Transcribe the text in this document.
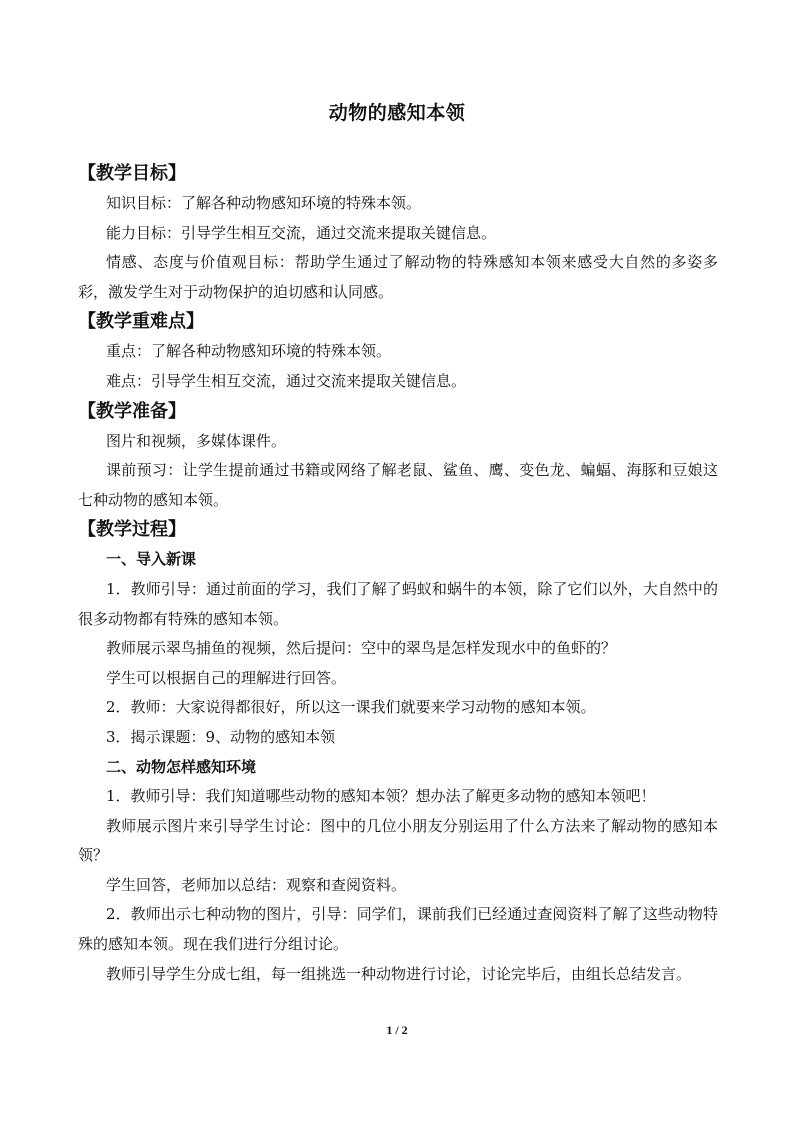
动物的感知本领
【教学目标】

知识目标：了解各种动物感知环境的特殊本领。

能力目标：引导学生相互交流，通过交流来提取关键信息。

情感、态度与价值观目标：帮助学生通过了解动物的特殊感知本领来感受大自然的多姿多彩，激发学生对于动物保护的迫切感和认同感。

【教学重难点】

重点：了解各种动物感知环境的特殊本领。

难点：引导学生相互交流，通过交流来提取关键信息。

【教学准备】

图片和视频，多媒体课件。

课前预习：让学生提前通过书籍或网络了解老鼠、鲨鱼、鹰、变色龙、蝙蝠、海豚和豆娘这七种动物的感知本领。

【教学过程】

一、导入新课

1．教师引导：通过前面的学习，我们了解了蚂蚁和蜗牛的本领，除了它们以外，大自然中的很多动物都有特殊的感知本领。

教师展示翠鸟捕鱼的视频，然后提问：空中的翠鸟是怎样发现水中的鱼虾的？

学生可以根据自己的理解进行回答。

2．教师：大家说得都很好，所以这一课我们就要来学习动物的感知本领。

3．揭示课题：9、动物的感知本领

二、动物怎样感知环境

1．教师引导：我们知道哪些动物的感知本领？想办法了解更多动物的感知本领吧！

教师展示图片来引导学生讨论：图中的几位小朋友分别运用了什么方法来了解动物的感知本领？

学生回答，老师加以总结：观察和查阅资料。

2．教师出示七种动物的图片，引导：同学们，课前我们已经通过查阅资料了解了这些动物特殊的感知本领。现在我们进行分组讨论。

教师引导学生分成七组，每一组挑选一种动物进行讨论，讨论完毕后，由组长总结发言。

1 / 2
